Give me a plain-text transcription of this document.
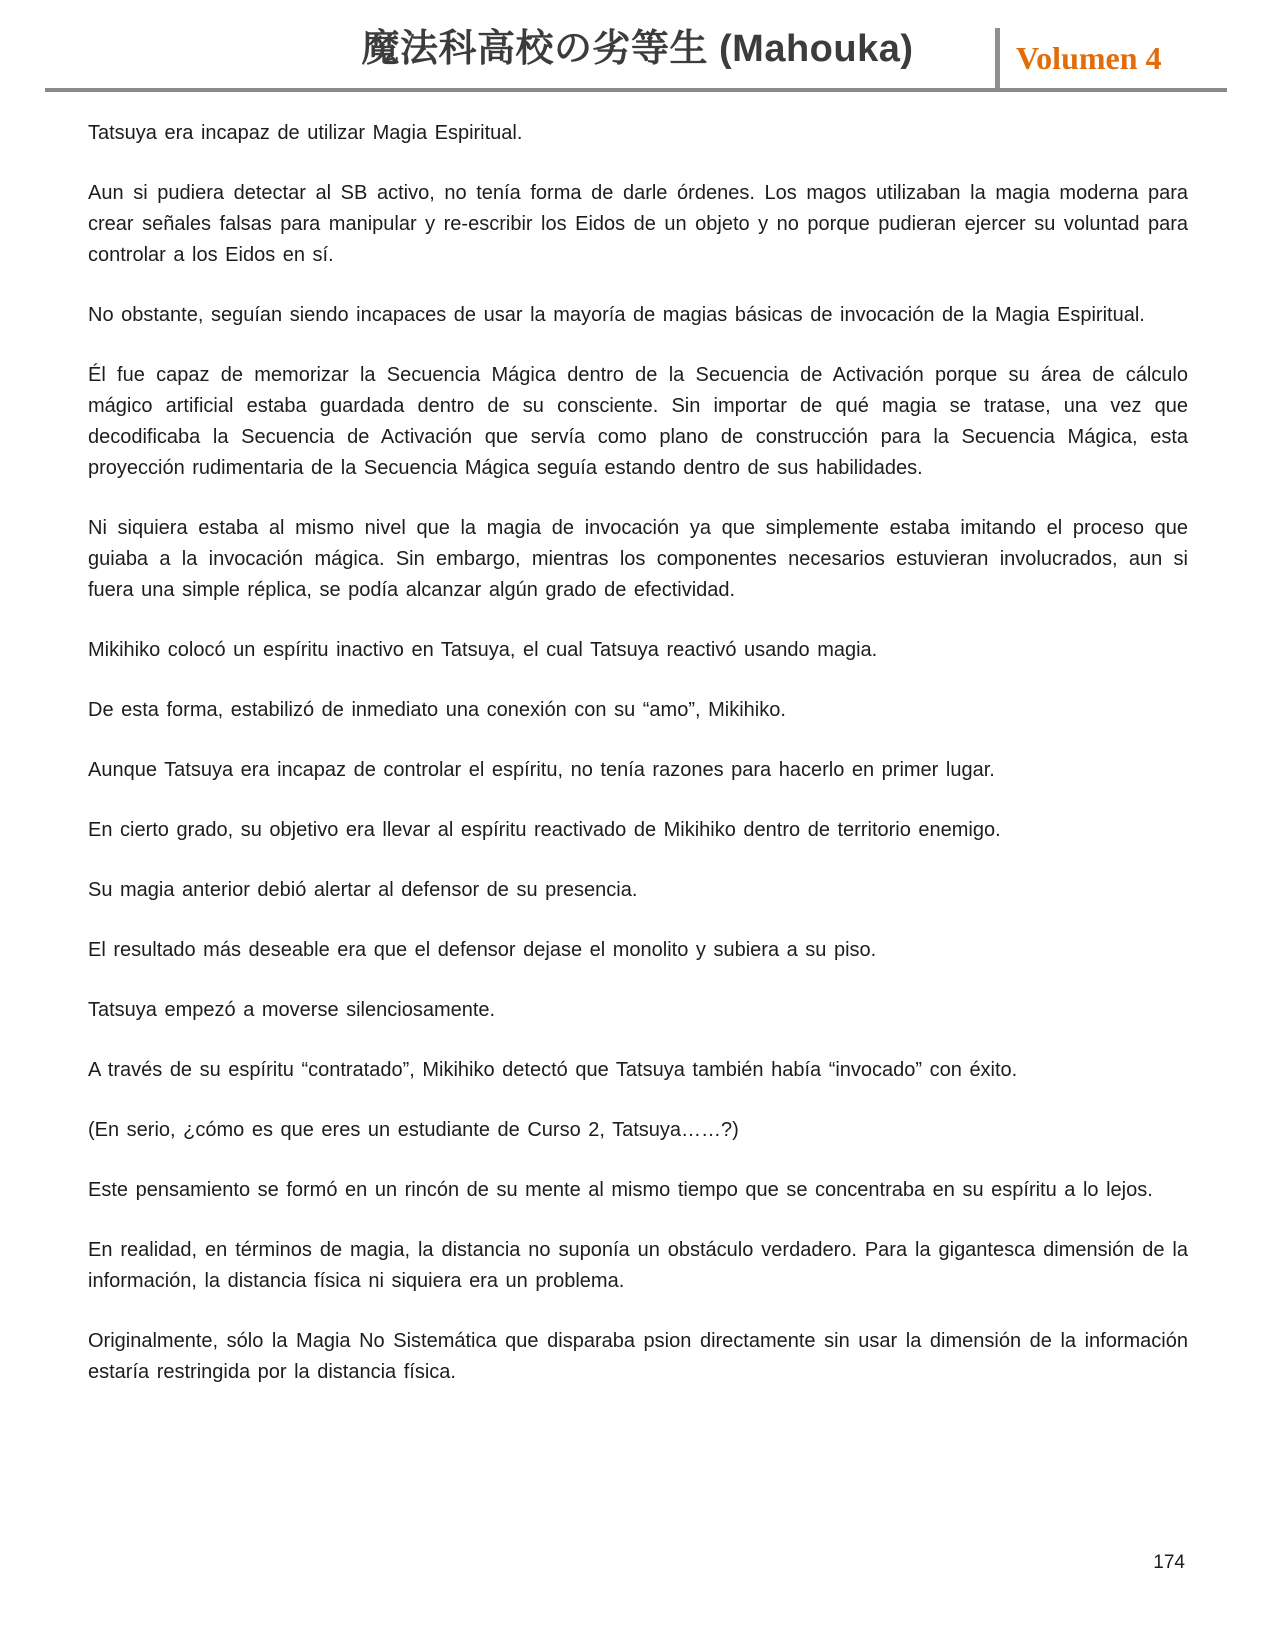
魔法科高校の劣等生 (Mahouka)	Volumen 4

Tatsuya era incapaz de utilizar Magia Espiritual.

Aun si pudiera detectar al SB activo, no tenía forma de darle órdenes. Los magos utilizaban la magia moderna para crear señales falsas para manipular y re-escribir los Eidos de un objeto y no porque pudieran ejercer su voluntad para controlar a los Eidos en sí.

No obstante, seguían siendo incapaces de usar la mayoría de magias básicas de invocación de la Magia Espiritual.

Él fue capaz de memorizar la Secuencia Mágica dentro de la Secuencia de Activación porque su área de cálculo mágico artificial estaba guardada dentro de su consciente. Sin importar de qué magia se tratase, una vez que decodificaba la Secuencia de Activación que servía como plano de construcción para la Secuencia Mágica, esta proyección rudimentaria de la Secuencia Mágica seguía estando dentro de sus habilidades.

Ni siquiera estaba al mismo nivel que la magia de invocación ya que simplemente estaba imitando el proceso que guiaba a la invocación mágica. Sin embargo, mientras los componentes necesarios estuvieran involucrados, aun si fuera una simple réplica, se podía alcanzar algún grado de efectividad.

Mikihiko colocó un espíritu inactivo en Tatsuya, el cual Tatsuya reactivó usando magia.

De esta forma, estabilizó de inmediato una conexión con su “amo”, Mikihiko.

Aunque Tatsuya era incapaz de controlar el espíritu, no tenía razones para hacerlo en primer lugar.

En cierto grado, su objetivo era llevar al espíritu reactivado de Mikihiko dentro de territorio enemigo.

Su magia anterior debió alertar al defensor de su presencia.

El resultado más deseable era que el defensor dejase el monolito y subiera a su piso.

Tatsuya empezó a moverse silenciosamente.

A través de su espíritu “contratado”, Mikihiko detectó que Tatsuya también había “invocado” con éxito.

(En serio, ¿cómo es que eres un estudiante de Curso 2, Tatsuya……?)

Este pensamiento se formó en un rincón de su mente al mismo tiempo que se concentraba en su espíritu a lo lejos.

En realidad, en términos de magia, la distancia no suponía un obstáculo verdadero. Para la gigantesca dimensión de la información, la distancia física ni siquiera era un problema.

Originalmente, sólo la Magia No Sistemática que disparaba psion directamente sin usar la dimensión de la información estaría restringida por la distancia física.

174
